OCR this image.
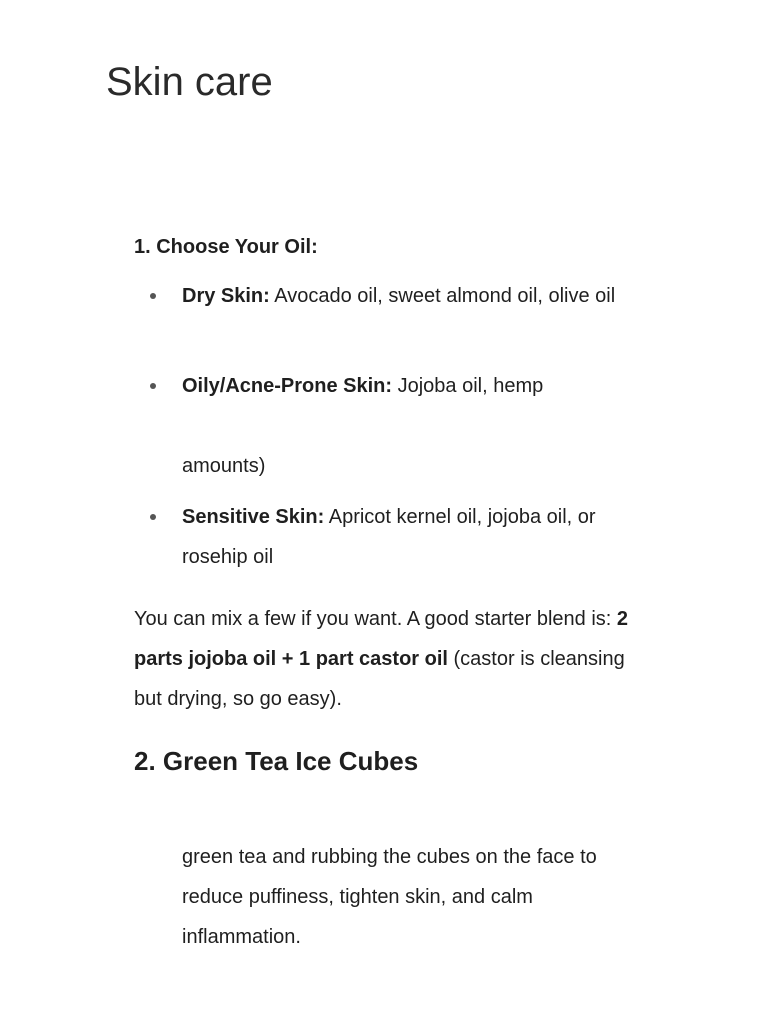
Skin care
1. Choose Your Oil:
Dry Skin: Avocado oil, sweet almond oil, olive oil
Oily/Acne-Prone Skin: Jojoba oil, hemp
amounts)
Sensitive Skin: Apricot kernel oil, jojoba oil, or rosehip oil

You can mix a few if you want. A good starter blend is: 2 parts jojoba oil + 1 part castor oil (castor is cleansing but drying, so go easy).

2. Green Tea Ice Cubes

green tea and rubbing the cubes on the face to reduce puffiness, tighten skin, and calm inflammation.
